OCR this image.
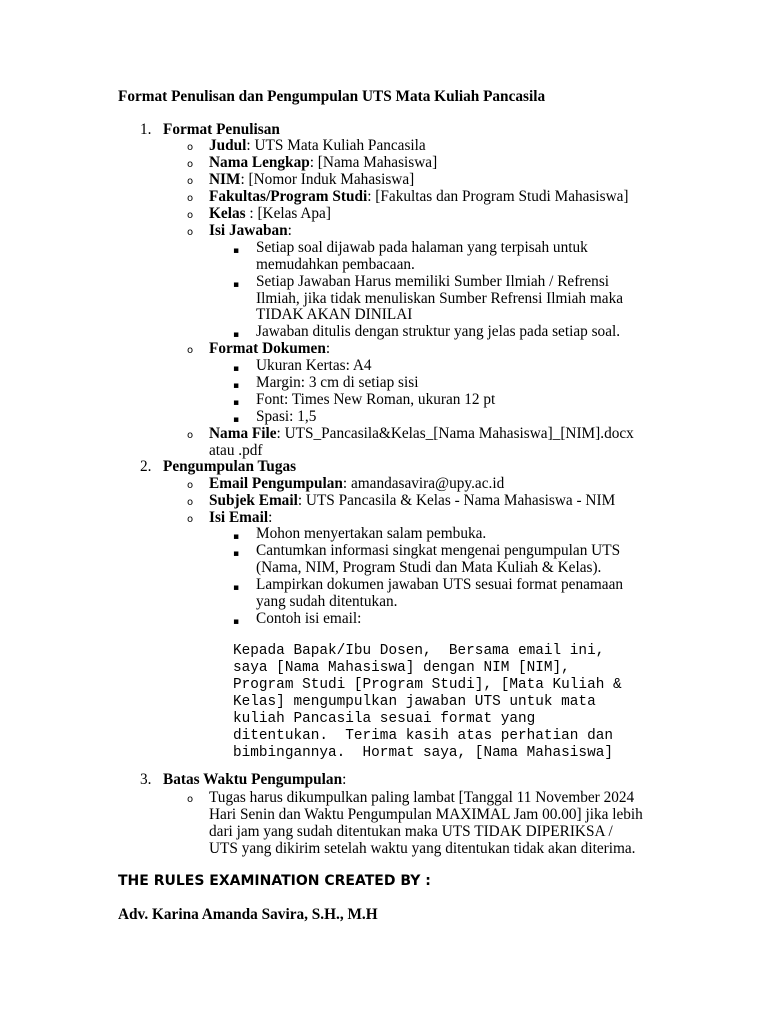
Format Penulisan dan Pengumpulan UTS Mata Kuliah Pancasila
1. Format Penulisan
o Judul: UTS Mata Kuliah Pancasila
o Nama Lengkap: [Nama Mahasiswa]
o NIM: [Nomor Induk Mahasiswa]
o Fakultas/Program Studi: [Fakultas dan Program Studi Mahasiswa]
o Kelas : [Kelas Apa]
o Isi Jawaban:
▪ Setiap soal dijawab pada halaman yang terpisah untuk
memudahkan pembacaan.
▪ Setiap Jawaban Harus memiliki Sumber Ilmiah / Refrensi
Ilmiah, jika tidak menuliskan Sumber Refrensi Ilmiah maka
TIDAK AKAN DINILAI
▪ Jawaban ditulis dengan struktur yang jelas pada setiap soal.
o Format Dokumen:
▪ Ukuran Kertas: A4
▪ Margin: 3 cm di setiap sisi
▪ Font: Times New Roman, ukuran 12 pt
▪ Spasi: 1,5
o Nama File: UTS_Pancasila&Kelas_[Nama Mahasiswa]_[NIM].docx
atau .pdf
2. Pengumpulan Tugas
o Email Pengumpulan: amandasavira@upy.ac.id
o Subjek Email: UTS Pancasila & Kelas - Nama Mahasiswa - NIM
o Isi Email:
▪ Mohon menyertakan salam pembuka.
▪ Cantumkan informasi singkat mengenai pengumpulan UTS
(Nama, NIM, Program Studi dan Mata Kuliah & Kelas).
▪ Lampirkan dokumen jawaban UTS sesuai format penamaan
yang sudah ditentukan.
▪ Contoh isi email:
Kepada Bapak/Ibu Dosen,  Bersama email ini,
saya [Nama Mahasiswa] dengan NIM [NIM],
Program Studi [Program Studi], [Mata Kuliah &
Kelas] mengumpulkan jawaban UTS untuk mata
kuliah Pancasila sesuai format yang
ditentukan.  Terima kasih atas perhatian dan
bimbingannya.  Hormat saya, [Nama Mahasiswa]
3. Batas Waktu Pengumpulan:
o Tugas harus dikumpulkan paling lambat [Tanggal 11 November 2024
Hari Senin dan Waktu Pengumpulan MAXIMAL Jam 00.00] jika lebih
dari jam yang sudah ditentukan maka UTS TIDAK DIPERIKSA /
UTS yang dikirim setelah waktu yang ditentukan tidak akan diterima.
THE RULES EXAMINATION CREATED BY :
Adv. Karina Amanda Savira, S.H., M.H
